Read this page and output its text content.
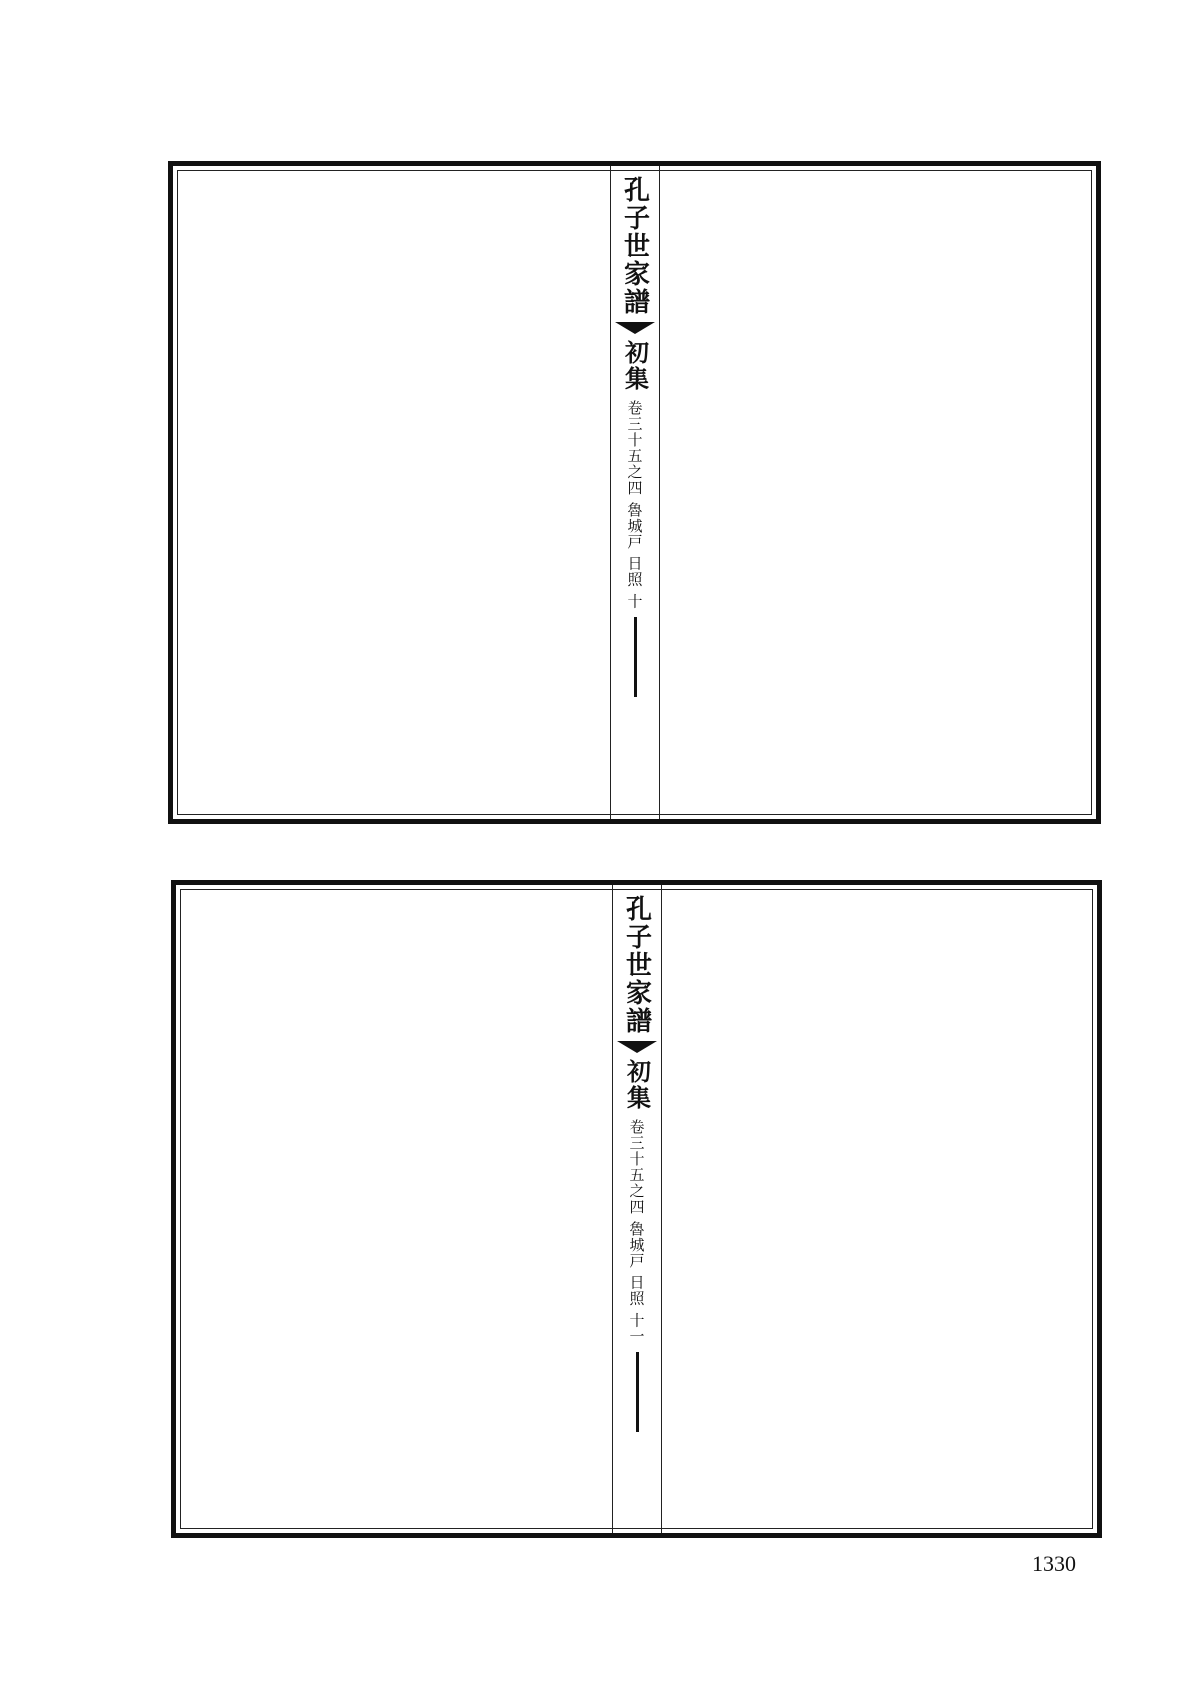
孔子世家譜
初集
卷三十五之四 魯城戸 日照 十
孔子世家譜
初集
卷三十五之四 魯城戸 日照 十一
1330
